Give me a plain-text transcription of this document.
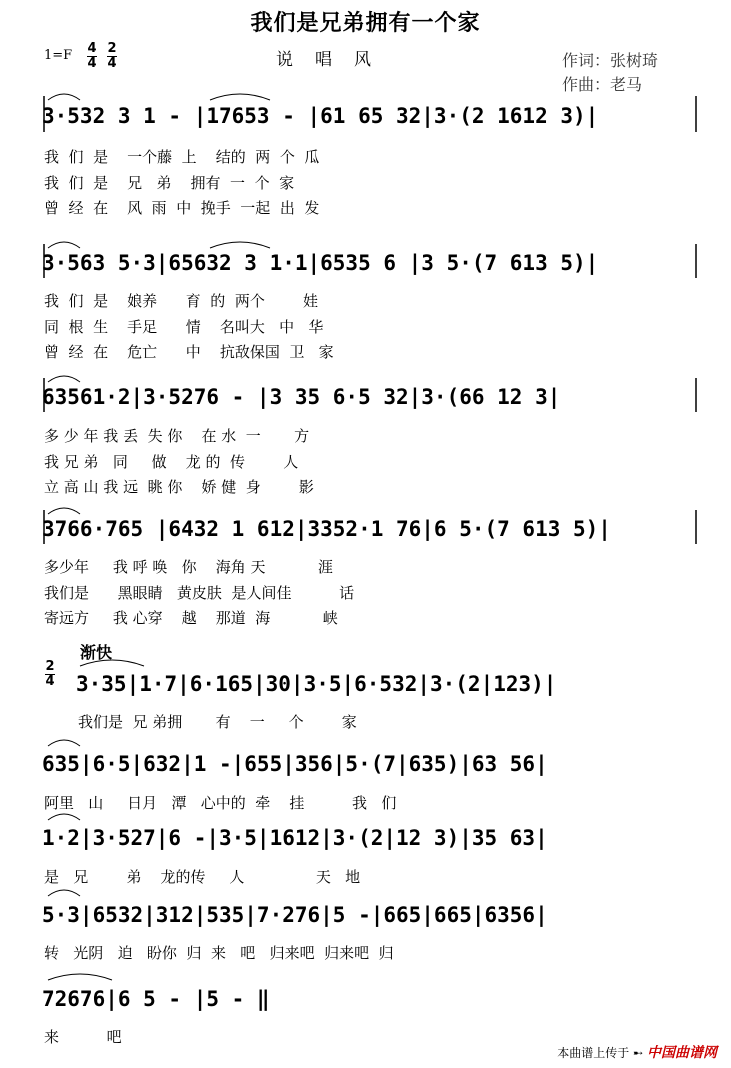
我们是兄弟拥有一个家
1=F 4
4
2
4	说唱风	作词：张树琦
作曲：老马
3·532 3 1 - |17653 - |61 65 32|3·(2 1612 3)|
我  们  是    一个藤  上    结的  两  个  瓜
我  们  是    兄   弟    拥有  一  个  家
曾  经  在    风  雨  中  挽手  一起  出  发
3·563 5·3|65632 3 1·1|6535 6 |3 5·(7 613 5)|
我  们  是    娘养      育  的  两个        娃
同  根  生    手足      情    名叫大   中   华
曾  经  在    危亡      中    抗敌保国  卫   家
63561·2|3·5276 - |3 35 6·5 32|3·(66 12 3|
多 少 年 我 丢  失 你    在 水  一       方
我 兄 弟   同     做    龙 的  传        人
立 高 山 我 远  眺 你    娇 健  身        影
3766·765 |6432 1 612|3352·1 76|6 5·(7 613 5)|
多少年     我 呼 唤   你    海角 天           涯
我们是      黑眼睛   黄皮肤  是人间佳          话
寄远方     我 心穿    越    那道  海           峡
渐快
2
4 3·35|1·7|6·165|30|3·5|6·532|3·(2|123)|
我们是  兄 弟拥       有    一     个        家
635|6·5|632|1 -|655|356|5·(7|635)|63 56|
阿里   山     日月   潭   心中的  牵    挂          我   们
1·2|3·527|6 -|3·5|1612|3·(2|12 3)|35 63|
是   兄        弟    龙的传     人               天   地
5·3|6532|312|535|7·276|5 -|665|665|6356|
转   光阴   迫   盼你  归  来   吧   归来吧  归来吧  归
72676|6 5 - |5 - ‖
来          吧
本曲谱上传于 ➸ 中国曲谱网
